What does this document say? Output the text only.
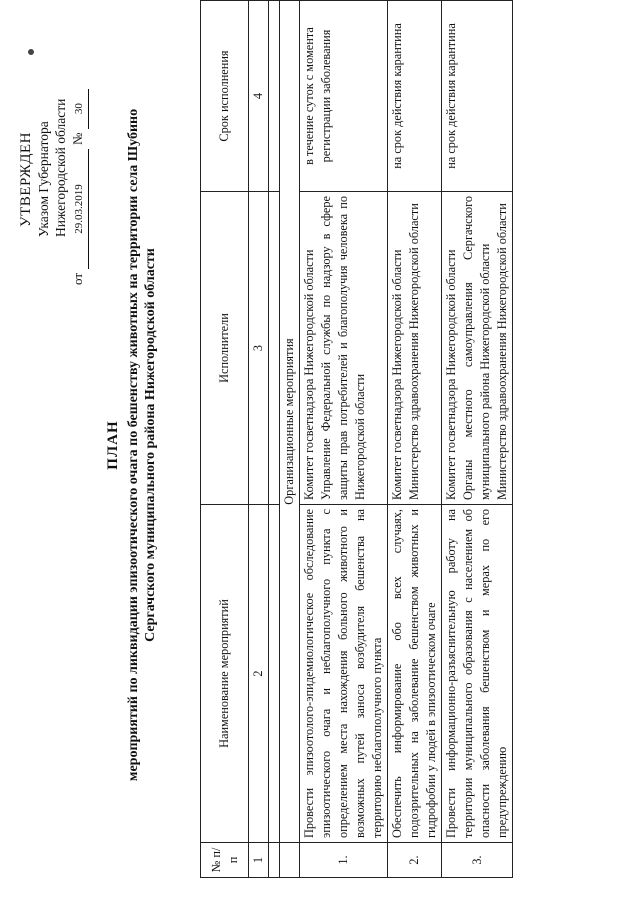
УТВЕРЖДЕН Указом Губернатора Нижегородской области
от
29.03.2019
№
30
ПЛАН мероприятий по ликвидации эпизоотического очага по бешенству животных на территории села Шубино Сергачского муниципального района Нижегородской области
№ п/п	Наименование мероприятий	Исполнители	Срок исполнения
1	2	3	4

	Организационные мероприятия		
1.	Провести эпизоотолого-эпидемиологическое обследование эпизоотического очага и неблагополучного пункта с определением места нахождения больного животного и возможных путей заноса возбудителя бешенства на территорию неблагополучного пункта	Комитет госветнадзора Нижегородской области Управление Федеральной службы по надзору в сфере защиты прав потребителей и благополучия человека по Нижегородской области	в течение суток с момента регистрации заболевания
2.	Обеспечить информирование обо всех случаях, подозрительных на заболевание бешенством животных и гидрофобии у людей в эпизоотическом очаге	Комитет госветнадзора Нижегородской области Министерство здравоохранения Нижегородской области	на срок действия карантина
3.	Провести информационно-разъяснительную работу на территории муниципального образования с населением об опасности заболевания бешенством и мерах по его предупреждению	Комитет госветнадзора Нижегородской области Органы местного самоуправления Сергачского муниципального района Нижегородской области Министерство здравоохранения Нижегородской области	на срок действия карантина
